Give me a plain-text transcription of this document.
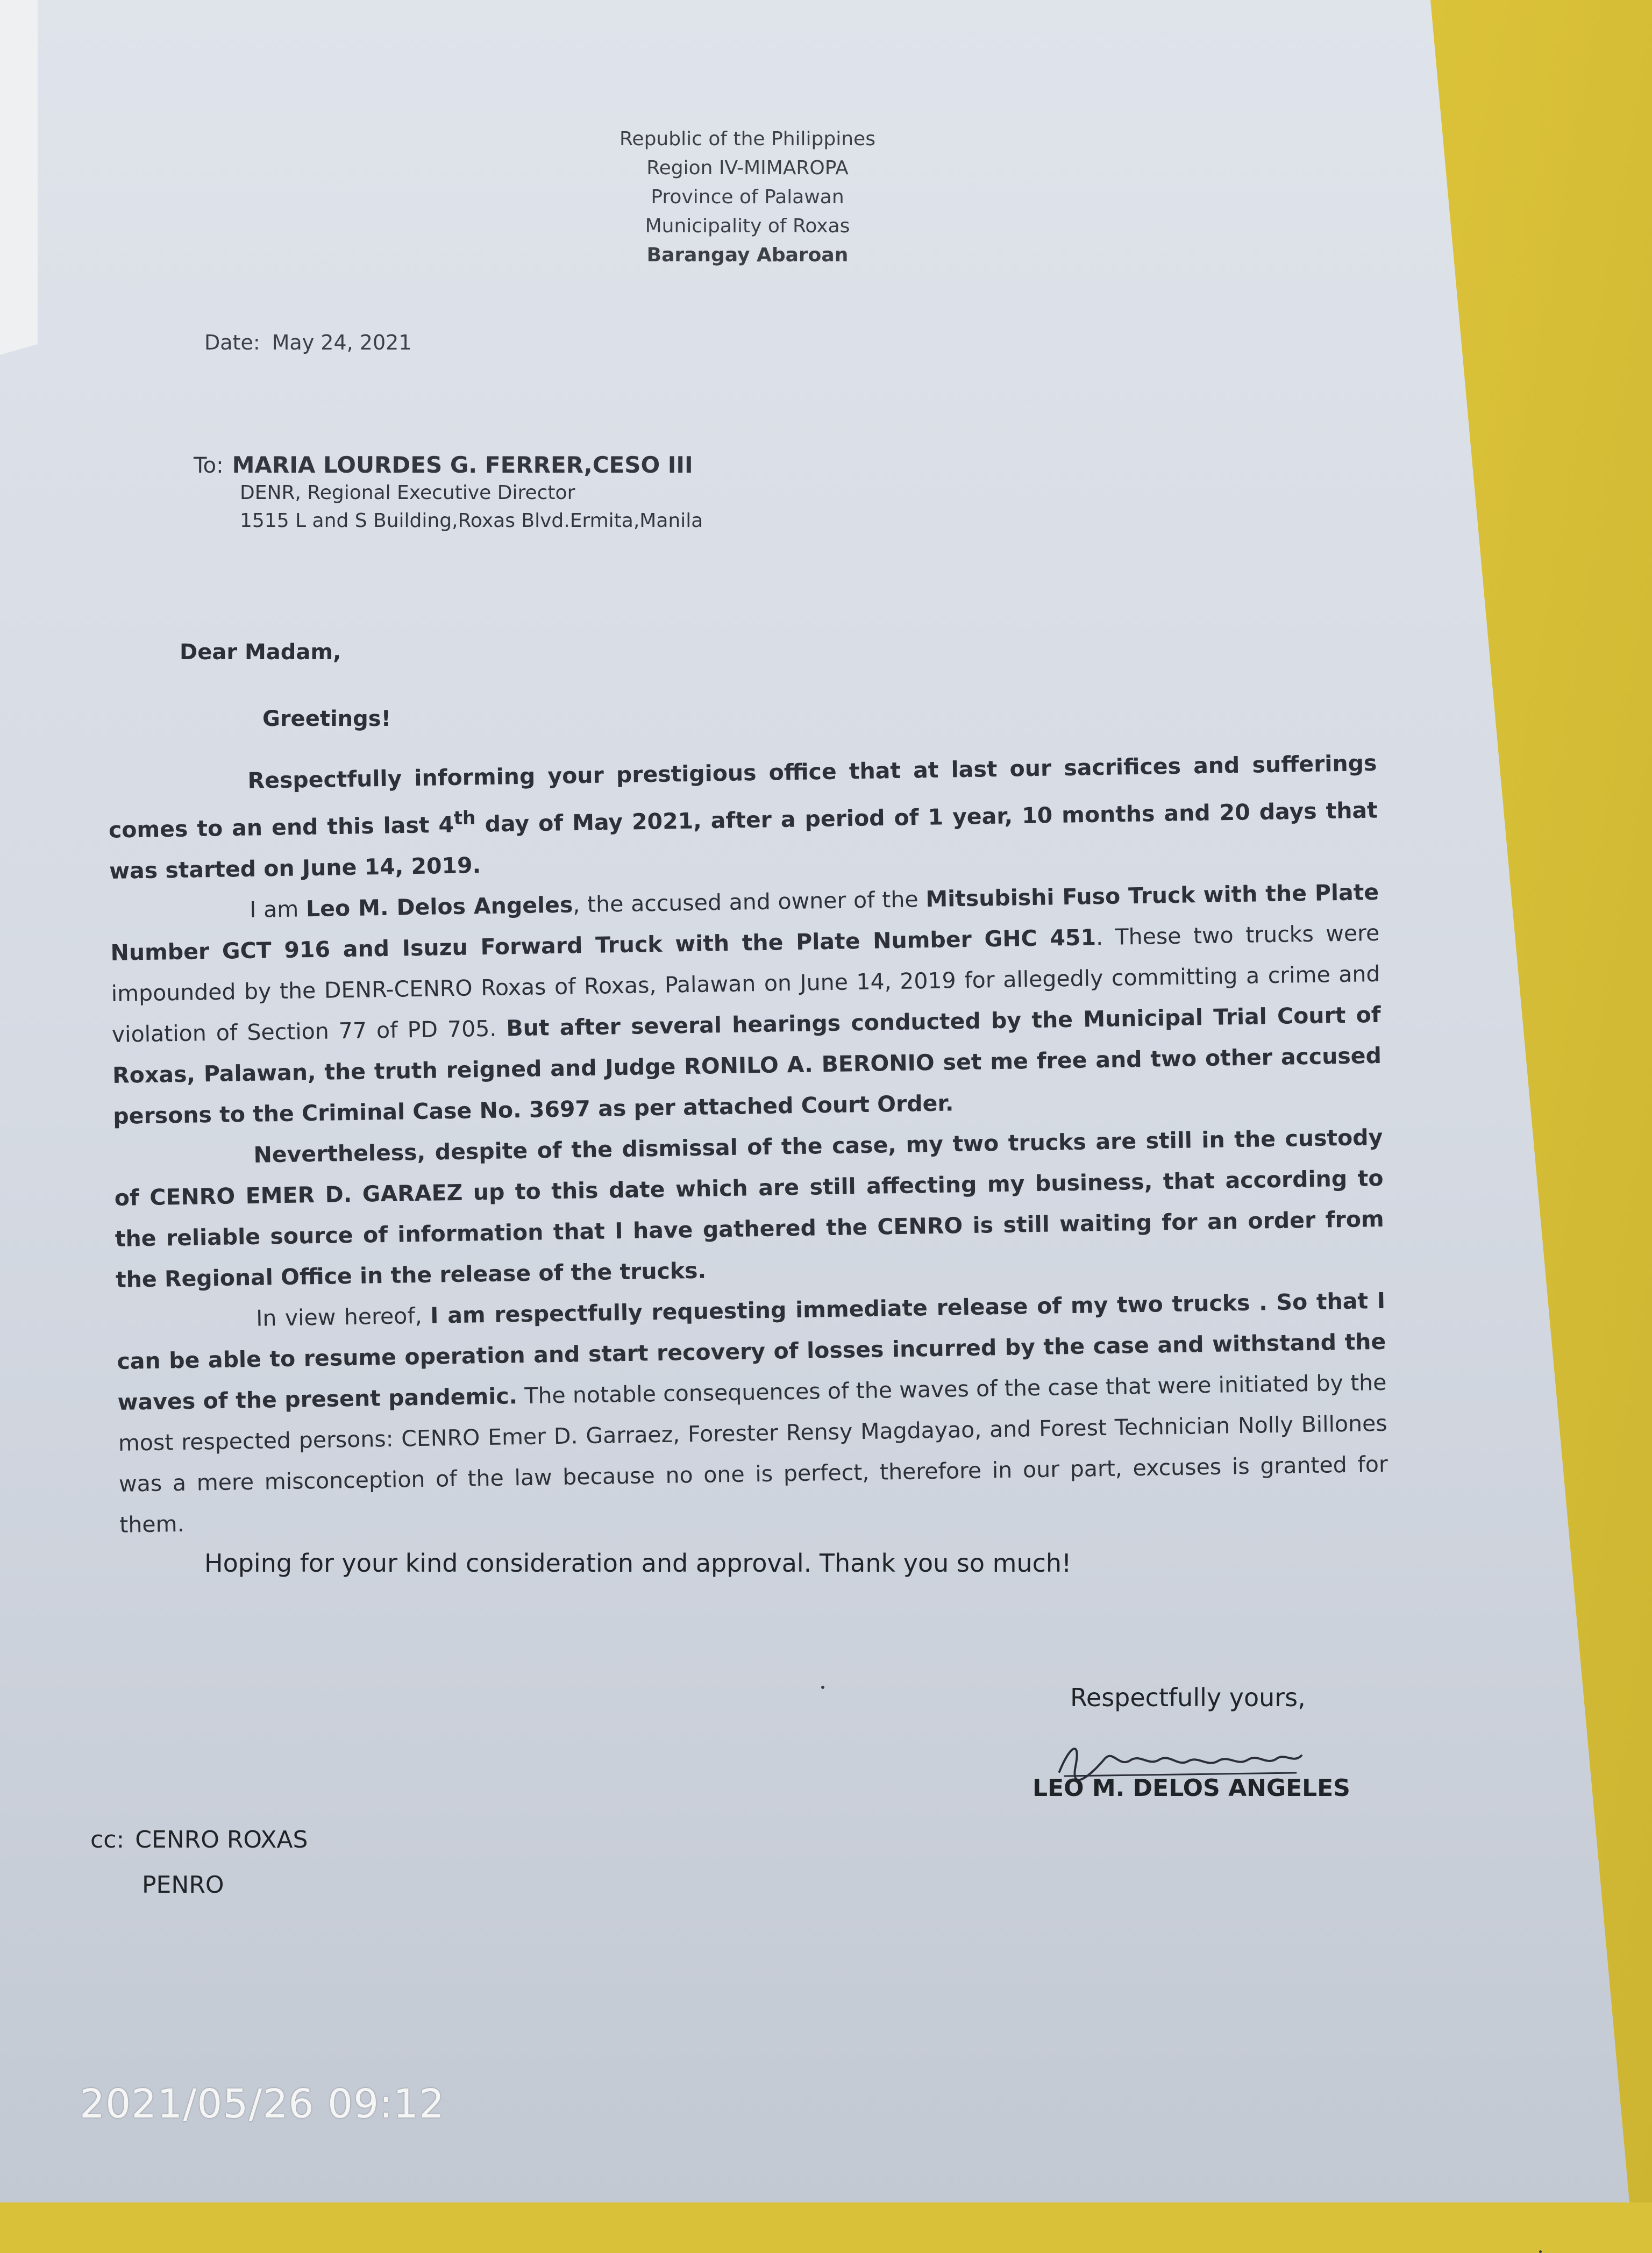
Republic of the Philippines
Region IV-MIMAROPA
Province of Palawan
Municipality of Roxas
Barangay Abaroan
Date: May 24, 2021
To: MARIA LOURDES G. FERRER,CESO III
DENR, Regional Executive Director
1515 L and S Building,Roxas Blvd.Ermita,Manila
Dear Madam,
Greetings!

Respectfully informing your prestigious office that at last our sacrifices and sufferings comes to an end this last 4th day of May 2021, after a period of 1 year, 10 months and 20 days that was started on June 14, 2019.

I am Leo M. Delos Angeles, the accused and owner of the Mitsubishi Fuso Truck with the Plate Number GCT 916 and Isuzu Forward Truck with the Plate Number GHC 451. These two trucks were impounded by the DENR-CENRO Roxas of Roxas, Palawan on June 14, 2019 for allegedly committing a crime and violation of Section 77 of PD 705. But after several hearings conducted by the Municipal Trial Court of Roxas, Palawan, the truth reigned and Judge RONILO A. BERONIO set me free and two other accused persons to the Criminal Case No. 3697 as per attached Court Order.

Nevertheless, despite of the dismissal of the case, my two trucks are still in the custody of CENRO EMER D. GARAEZ up to this date which are still affecting my business, that according to the reliable source of information that I have gathered the CENRO is still waiting for an order from the Regional Office in the release of the trucks.

In view hereof, I am respectfully requesting immediate release of my two trucks . So that I can be able to resume operation and start recovery of losses incurred by the case and withstand the waves of the present pandemic. The notable consequences of the waves of the case that were initiated by the most respected persons: CENRO Emer D. Garraez, Forester Rensy Magdayao, and Forest Technician Nolly Billones was a mere misconception of the law because no one is perfect, therefore in our part, excuses is granted for them.

Hoping for your kind consideration and approval. Thank you so much!
Respectfully yours,
LEO M. DELOS ANGELES
cc: CENRO ROXAS
PENRO
2021/05/26 09:12
